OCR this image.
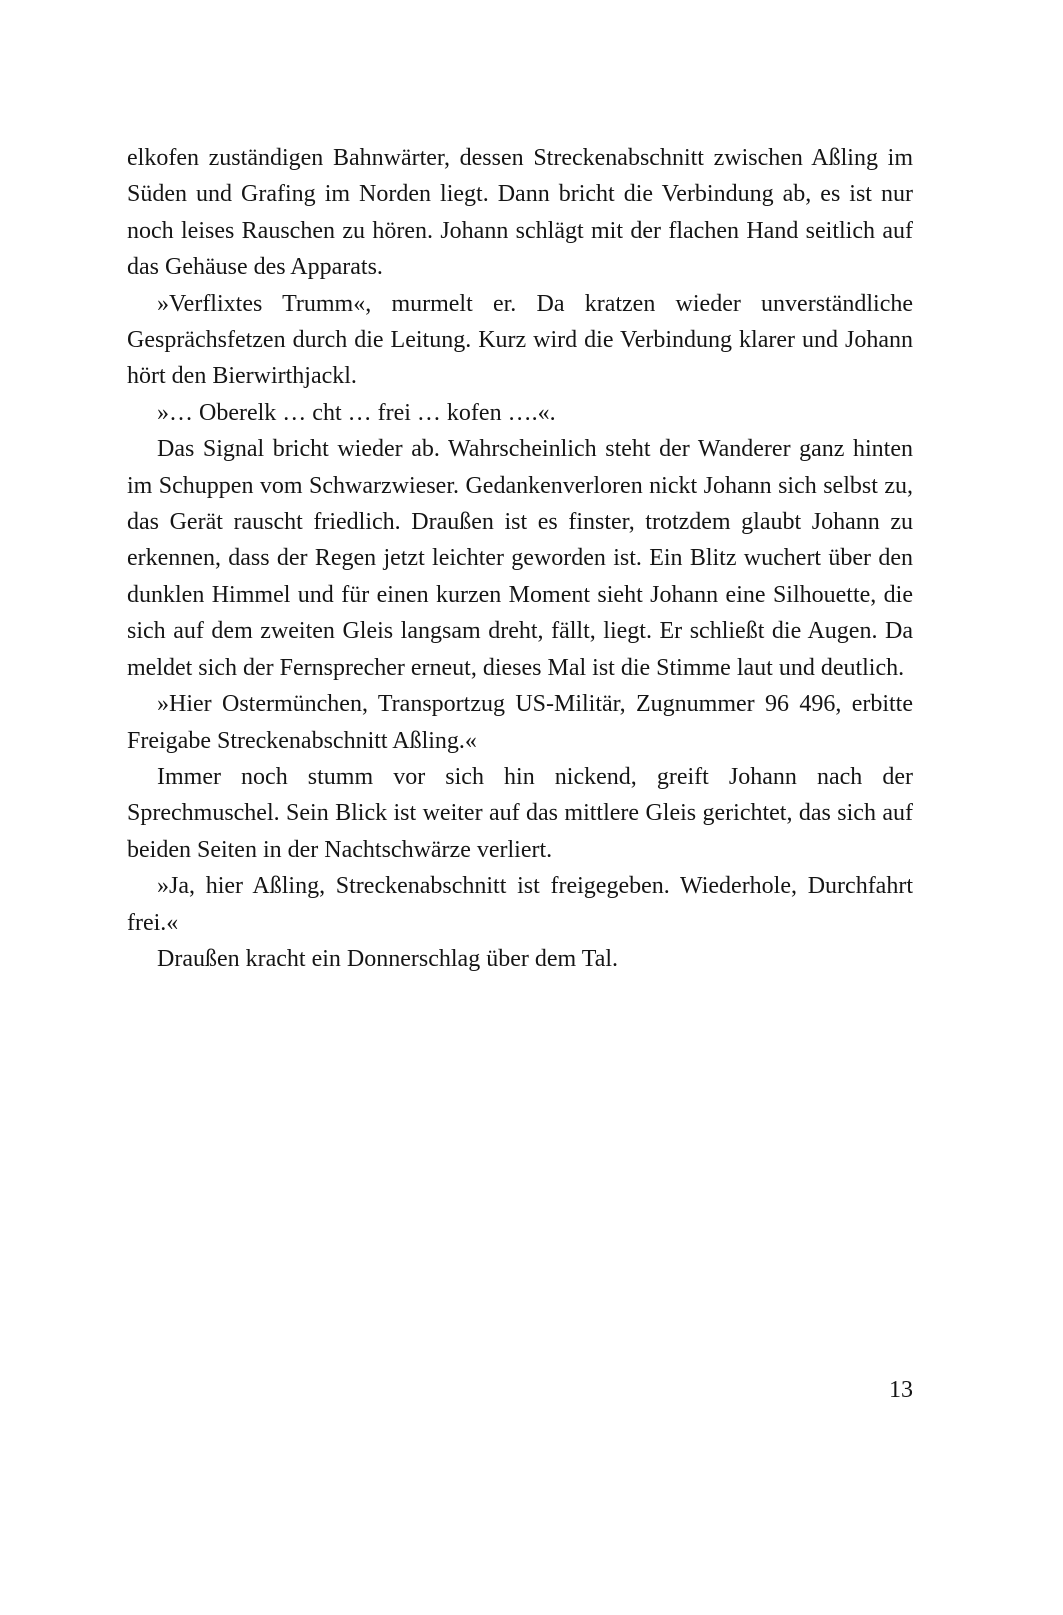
elkofen zuständigen Bahnwärter, dessen Streckenabschnitt zwischen Aßling im Süden und Grafing im Norden liegt. Dann bricht die Verbindung ab, es ist nur noch leises Rauschen zu hören. Johann schlägt mit der flachen Hand seitlich auf das Gehäuse des Apparats.

»Verflixtes Trumm«, murmelt er. Da kratzen wieder unverständliche Gesprächsfetzen durch die Leitung. Kurz wird die Verbindung klarer und Johann hört den Bierwirthjackl.

»… Oberelk … cht … frei … kofen ….«.

Das Signal bricht wieder ab. Wahrscheinlich steht der Wanderer ganz hinten im Schuppen vom Schwarzwieser. Gedankenverloren nickt Johann sich selbst zu, das Gerät rauscht friedlich. Draußen ist es finster, trotzdem glaubt Johann zu erkennen, dass der Regen jetzt leichter geworden ist. Ein Blitz wuchert über den dunklen Himmel und für einen kurzen Moment sieht Johann eine Silhouette, die sich auf dem zweiten Gleis langsam dreht, fällt, liegt. Er schließt die Augen. Da meldet sich der Fernsprecher erneut, dieses Mal ist die Stimme laut und deutlich.

»Hier Ostermünchen, Transportzug US-Militär, Zugnummer 96 496, erbitte Freigabe Streckenabschnitt Aßling.«

Immer noch stumm vor sich hin nickend, greift Johann nach der Sprechmuschel. Sein Blick ist weiter auf das mittlere Gleis gerichtet, das sich auf beiden Seiten in der Nachtschwärze verliert.

»Ja, hier Aßling, Streckenabschnitt ist freigegeben. Wiederhole, Durchfahrt frei.«

Draußen kracht ein Donnerschlag über dem Tal.

13
